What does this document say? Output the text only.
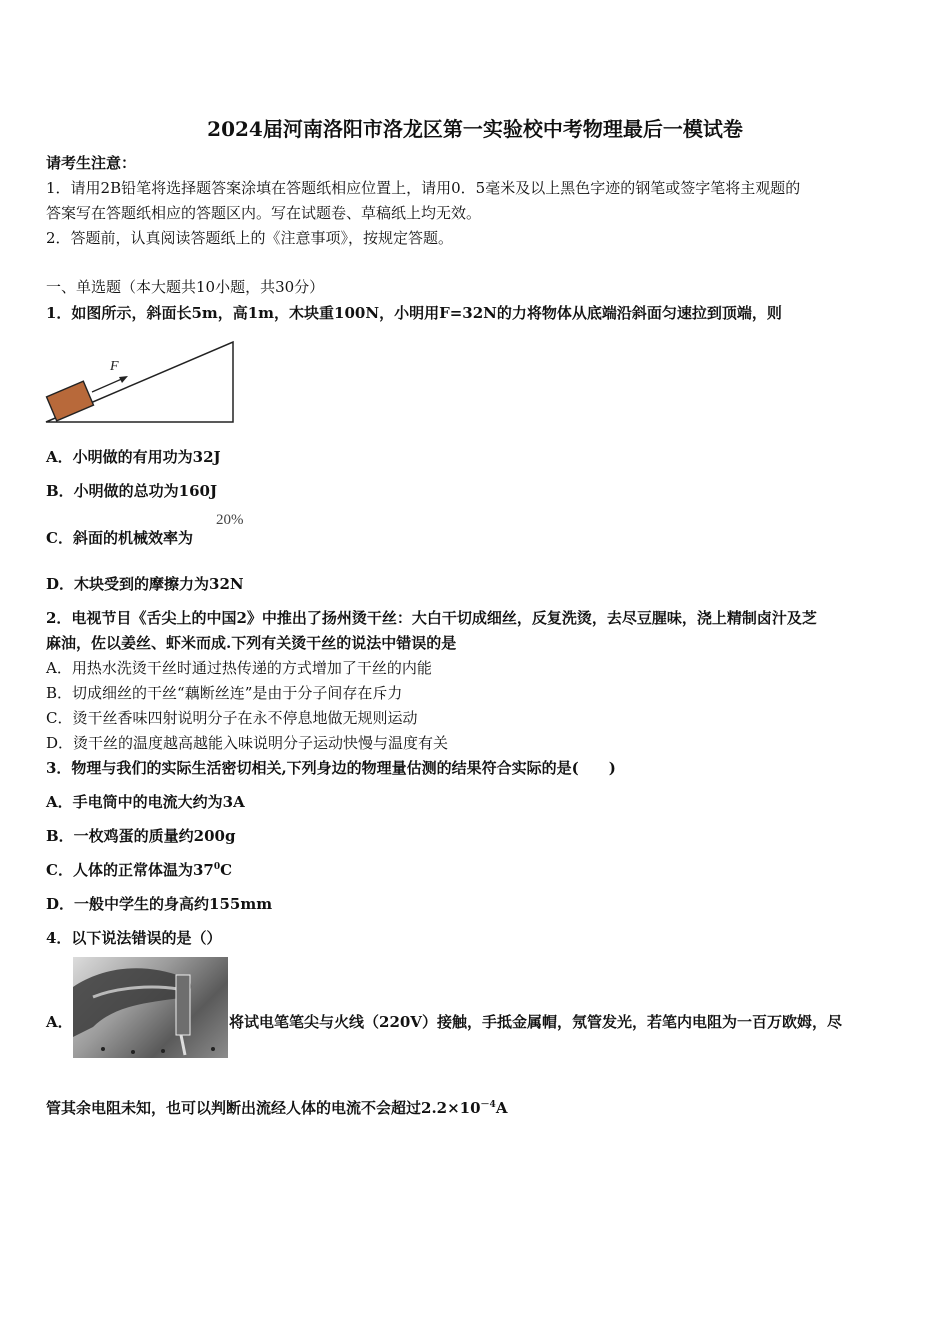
2024届河南洛阳市洛龙区第一实验校中考物理最后一模试卷
请考生注意：
1．请用2B铅笔将选择题答案涂填在答题纸相应位置上，请用0．5毫米及以上黑色字迹的钢笔或签字笔将主观题的
答案写在答题纸相应的答题区内。写在试题卷、草稿纸上均无效。
2．答题前，认真阅读答题纸上的《注意事项》，按规定答题。
一、单选题（本大题共10小题，共30分）
1．如图所示，斜面长5m，高1m，木块重100N，小明用F=32N的力将物体从底端沿斜面匀速拉到顶端，则
F
A．小明做的有用功为32J
B．小明做的总功为160J
C．斜面的机械效率为
20%
D．木块受到的摩擦力为32N
2．电视节目《舌尖上的中国2》中推出了扬州烫干丝：大白干切成细丝，反复洗烫，去尽豆腥味，浇上精制卤汁及芝
麻油，佐以姜丝、虾米而成.下列有关烫干丝的说法中错误的是
A．用热水洗烫干丝时通过热传递的方式增加了干丝的内能
B．切成细丝的干丝“藕断丝连”是由于分子间存在斥力
C．烫干丝香味四射说明分子在永不停息地做无规则运动
D．烫干丝的温度越高越能入味说明分子运动快慢与温度有关
3．物理与我们的实际生活密切相关,下列身边的物理量估测的结果符合实际的是(　　)
A．手电筒中的电流大约为3A
B．一枚鸡蛋的质量约200g
C．人体的正常体温为$37^0C$
D．一般中学生的身高约155mm
4．以下说法错误的是（）
A．	将试电笔笔尖与火线（220V）接触，手抵金属帽，氖管发光，若笔内电阻为一百万欧姆，尽
管其余电阻未知，也可以判断出流经人体的电流不会超过$2.2\times 10^{-4}A$
